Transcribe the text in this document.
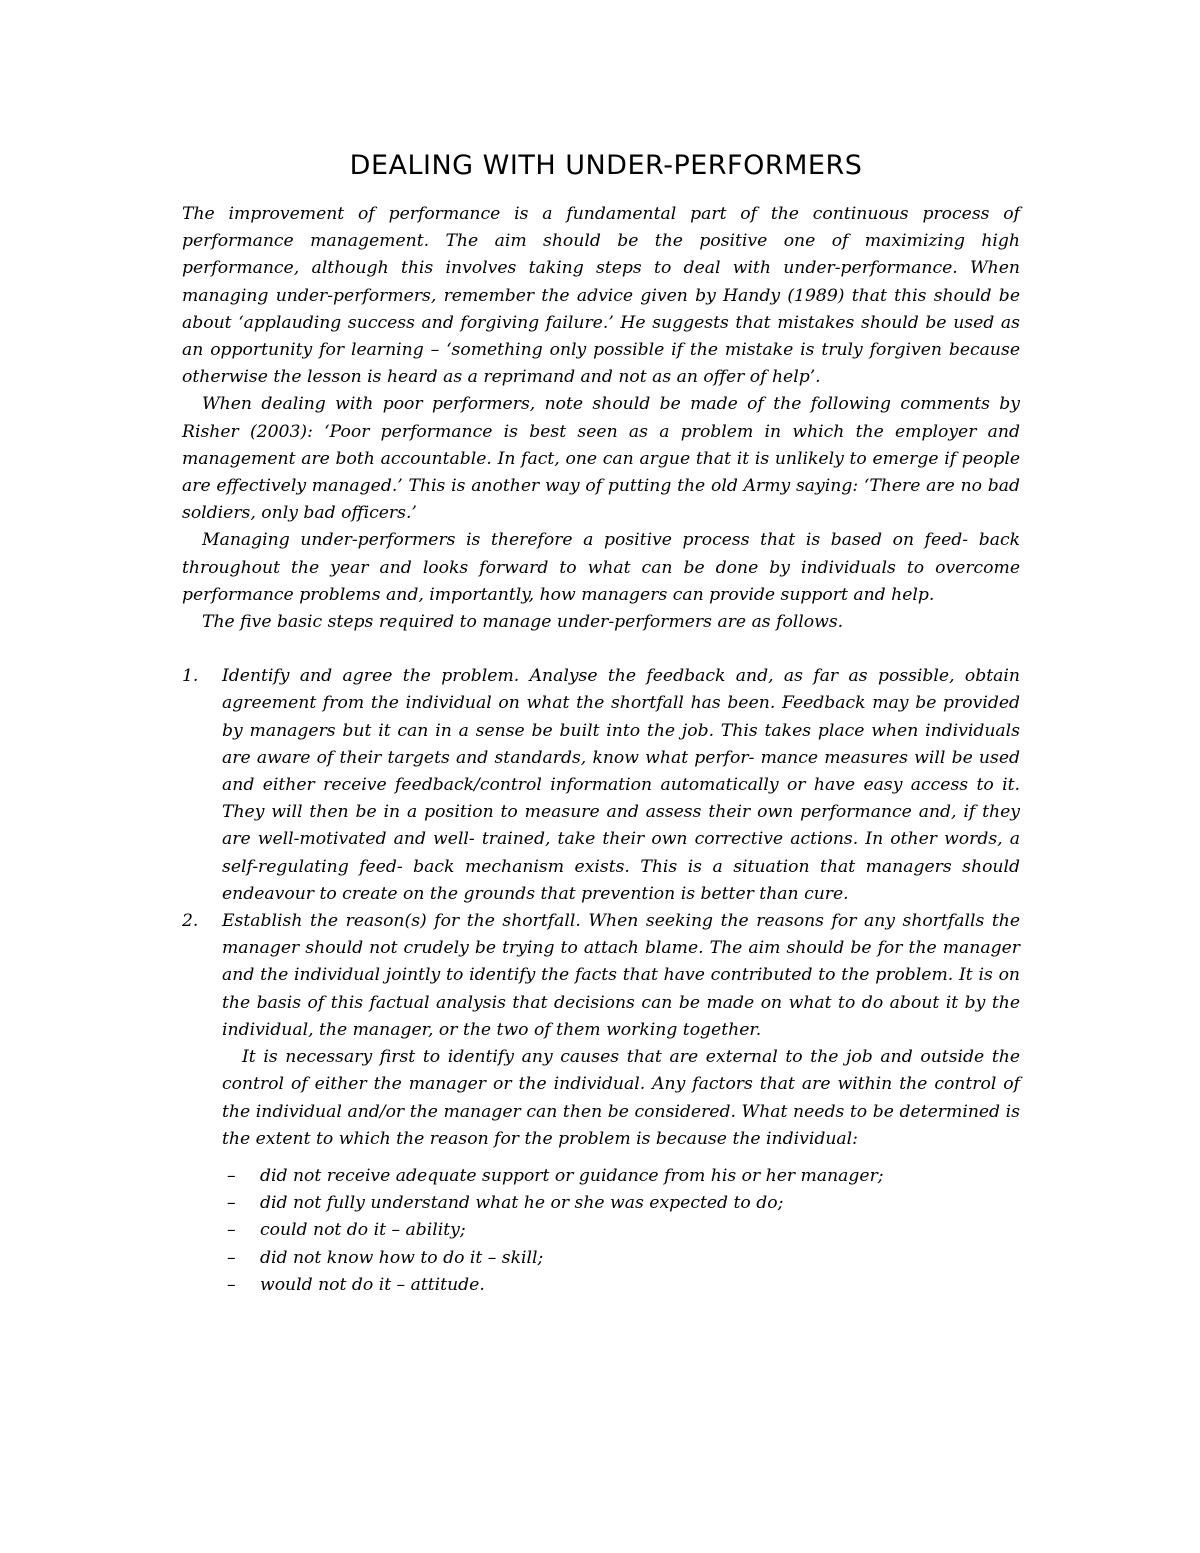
DEALING WITH UNDER-PERFORMERS

The improvement of performance is a fundamental part of the continuous process of performance management. The aim should be the positive one of maximizing high performance, although this involves taking steps to deal with under-performance. When managing under-performers, remember the advice given by Handy (1989) that this should be about ‘applauding success and forgiving failure.’ He suggests that mistakes should be used as an opportunity for learning – ‘something only possible if the mistake is truly forgiven because otherwise the lesson is heard as a reprimand and not as an offer of help’.

When dealing with poor performers, note should be made of the following comments by Risher (2003): ‘Poor performance is best seen as a problem in which the employer and management are both accountable. In fact, one can argue that it is unlikely to emerge if people are effectively managed.’ This is another way of putting the old Army saying: ‘There are no bad soldiers, only bad officers.’

Managing under-performers is therefore a positive process that is based on feed- back throughout the year and looks forward to what can be done by individuals to overcome performance problems and, importantly, how managers can provide support and help.

The five basic steps required to manage under-performers are as follows.

1. Identify and agree the problem. Analyse the feedback and, as far as possible, obtain agreement from the individual on what the shortfall has been. Feedback may be provided by managers but it can in a sense be built into the job. This takes place when individuals are aware of their targets and standards, know what perfor- mance measures will be used and either receive feedback/control information automatically or have easy access to it. They will then be in a position to measure and assess their own performance and, if they are well-motivated and well- trained, take their own corrective actions. In other words, a self-regulating feed- back mechanism exists. This is a situation that managers should endeavour to create on the grounds that prevention is better than cure.

2. Establish the reason(s) for the shortfall. When seeking the reasons for any shortfalls the manager should not crudely be trying to attach blame. The aim should be for the manager and the individual jointly to identify the facts that have contributed to the problem. It is on the basis of this factual analysis that decisions can be made on what to do about it by the individual, the manager, or the two of them working together.

It is necessary first to identify any causes that are external to the job and outside the control of either the manager or the individual. Any factors that are within the control of the individual and/or the manager can then be considered. What needs to be determined is the extent to which the reason for the problem is because the individual:

– did not receive adequate support or guidance from his or her manager;
– did not fully understand what he or she was expected to do;
– could not do it – ability;
– did not know how to do it – skill;
– would not do it – attitude.
